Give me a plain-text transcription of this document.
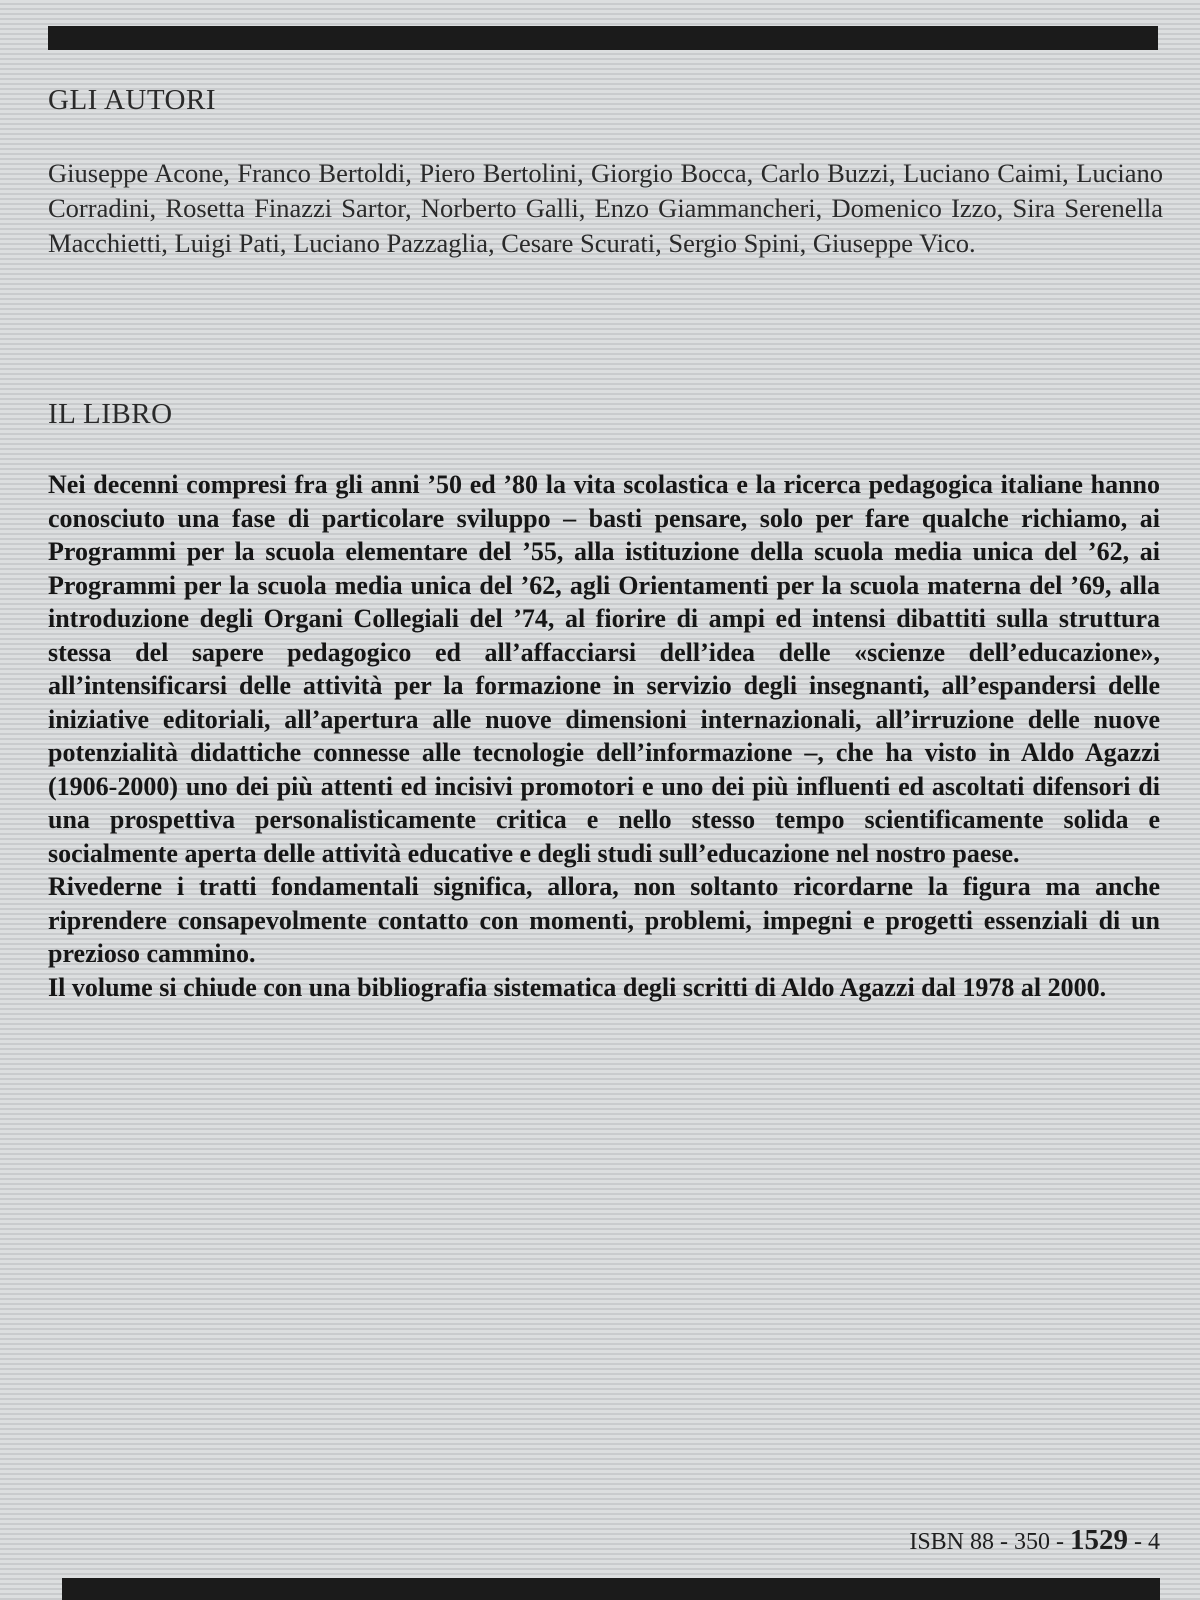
GLI AUTORI

Giuseppe Acone, Franco Bertoldi, Piero Bertolini, Giorgio Bocca, Carlo Buzzi, Luciano Caimi, Luciano Corradini, Rosetta Finazzi Sartor, Norberto Galli, Enzo Giammancheri, Domenico Izzo, Sira Serenella Macchietti, Luigi Pati, Luciano Pazzaglia, Cesare Scurati, Sergio Spini, Giuseppe Vico.

IL LIBRO

Nei decenni compresi fra gli anni ’50 ed ’80 la vita scolastica e la ricerca pedagogica italiane hanno conosciuto una fase di particolare sviluppo – basti pensare, solo per fare qualche richiamo, ai Programmi per la scuola elementare del ’55, alla istituzione della scuola media unica del ’62, ai Programmi per la scuola media unica del ’62, agli Orientamenti per la scuola materna del ’69, alla introduzione degli Organi Collegiali del ’74, al fiorire di ampi ed intensi dibattiti sulla struttura stessa del sapere pedagogico ed all’affacciarsi dell’idea delle «scienze dell’educazione», all’intensificarsi delle attività per la formazione in servizio degli insegnanti, all’espandersi delle iniziative editoriali, all’apertura alle nuove dimensioni internazionali, all’irruzione delle nuove potenzialità didattiche connesse alle tecnologie dell’informazione –, che ha visto in Aldo Agazzi (1906-2000) uno dei più attenti ed incisivi promotori e uno dei più influenti ed ascoltati difensori di una prospettiva personalisticamente critica e nello stesso tempo scientificamente solida e socialmente aperta delle attività educative e degli studi sull’educazione nel nostro paese.

Rivederne i tratti fondamentali significa, allora, non soltanto ricordarne la figura ma anche riprendere consapevolmente contatto con momenti, problemi, impegni e progetti essenziali di un prezioso cammino.

Il volume si chiude con una bibliografia sistematica degli scritti di Aldo Agazzi dal 1978 al 2000.

ISBN 88 - 350 - 1529 - 4
